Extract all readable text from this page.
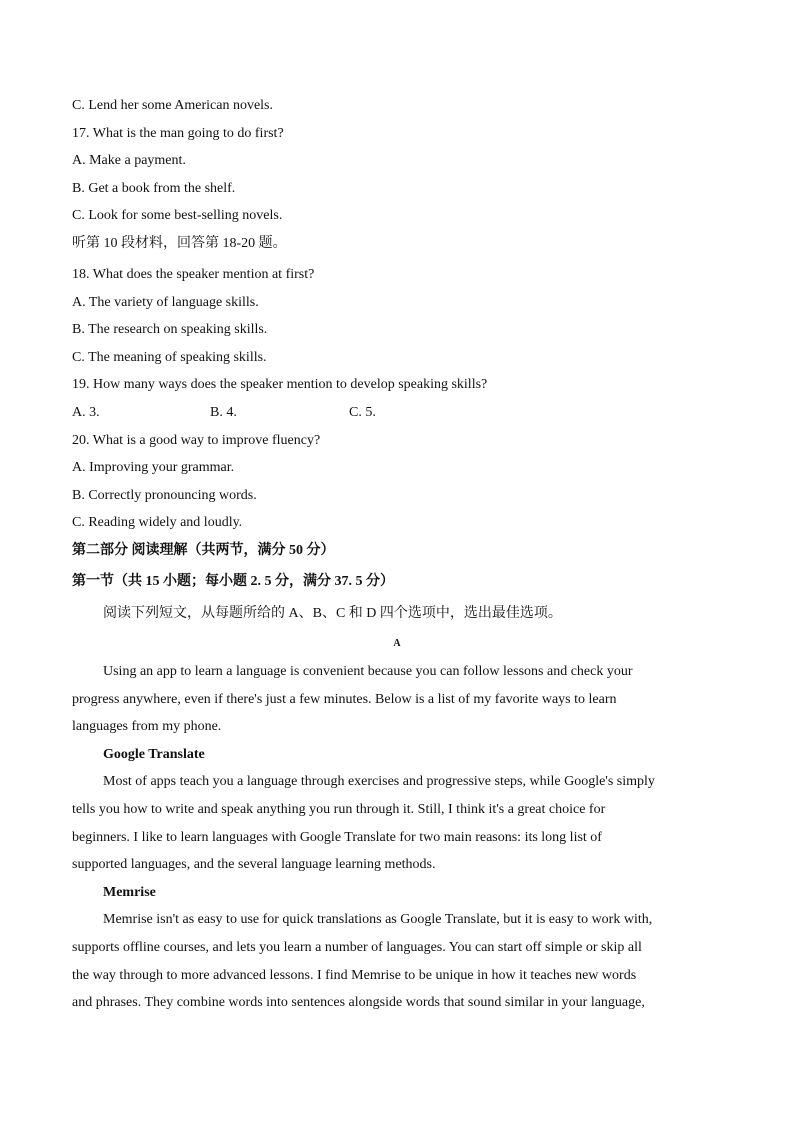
C. Lend her some American novels.
17. What is the man going to do first?
A. Make a payment.
B. Get a book from the shelf.
C. Look for some best-selling novels.
听第 10 段材料，回答第 18-20 题。
18. What does the speaker mention at first?
A. The variety of language skills.
B. The research on speaking skills.
C. The meaning of speaking skills.
19. How many ways does the speaker mention to develop speaking skills?
A. 3.	B. 4.	C. 5.
20. What is a good way to improve fluency?
A. Improving your grammar.
B. Correctly pronouncing words.
C. Reading widely and loudly.
第二部分 阅读理解（共两节，满分 50 分）
第一节（共 15 小题；每小题 2. 5 分，满分 37. 5 分）
阅读下列短文，从每题所给的 A、B、C 和 D 四个选项中，选出最佳选项。
A
Using an app to learn a language is convenient because you can follow lessons and check your
progress anywhere, even if there's just a few minutes. Below is a list of my favorite ways to learn
languages from my phone.
Google Translate
Most of apps teach you a language through exercises and progressive steps, while Google's simply
tells you how to write and speak anything you run through it. Still, I think it's a great choice for
beginners. I like to learn languages with Google Translate for two main reasons: its long list of
supported languages, and the several language learning methods.
Memrise
Memrise isn't as easy to use for quick translations as Google Translate, but it is easy to work with,
supports offline courses, and lets you learn a number of languages. You can start off simple or skip all
the way through to more advanced lessons. I find Memrise to be unique in how it teaches new words
and phrases. They combine words into sentences alongside words that sound similar in your language,
